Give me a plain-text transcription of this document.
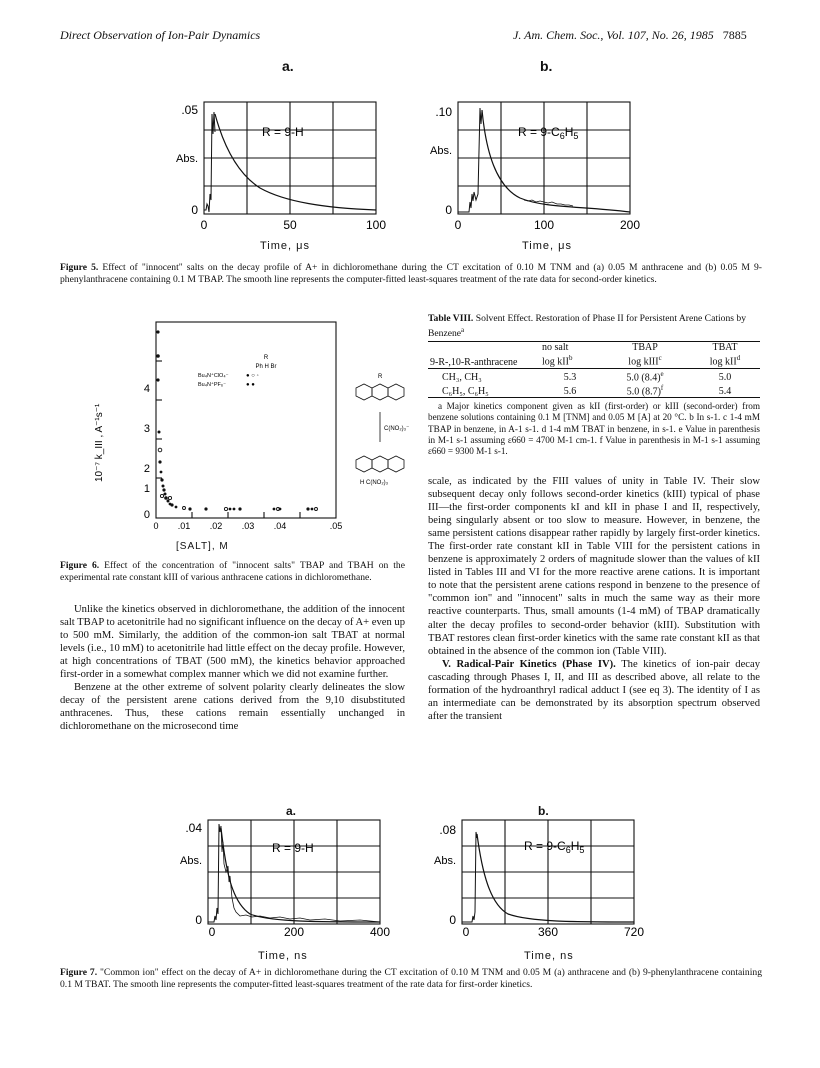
Direct Observation of Ion-Pair Dynamics	J. Am. Chem. Soc., Vol. 107, No. 26, 1985 7885
a.	b.
.05
0
Abs.
0	50	100
R = 9-H
Time, μs
.10
0
Abs.
0	100	200
$R = 9-C_6H_5$
Time, μs
Figure 5. Effect of "innocent" salts on the decay profile of A+ in dichloromethane during the CT excitation of 0.10 M TNM and (a) 0.05 M anthracene and (b) 0.05 M 9-phenylanthracene containing 0.1 M TBAP. The smooth line represents the computer-fitted least-squares treatment of the rate data for second-order kinetics.
4
3
2
1
0
0 .01 .02 .03 .04	.05
10⁻⁷ k_III , A⁻¹s⁻¹
R
Ph H Br
Bu₄N⁺ClO₄⁻	● ○ ◦
Bu₄N⁺PF₆⁻	● ●
R
C(NO₂)₃⁻
H C(NO₂)₃
[SALT], M
Figure 6. Effect of the concentration of "innocent salts" TBAP and TBAH on the experimental rate constant kIII of various anthracene cations in dichloromethane.

Unlike the kinetics observed in dichloromethane, the addition of the innocent salt TBAP to acetonitrile had no significant influence on the decay of A+ even up to 500 mM. Similarly, the addition of the common-ion salt TBAT at normal levels (i.e., 10 mM) to acetonitrile had little effect on the decay profile. However, at high concentrations of TBAT (500 mM), the kinetics behavior approached first-order in a somewhat complex manner which we did not examine further.

Benzene at the other extreme of solvent polarity clearly delineates the slow decay of the persistent arene cations derived from the 9,10 disubstituted anthracenes. Thus, these cations remain essentially unchanged in dichloromethane on the microsecond time

Table VIII. Solvent Effect. Restoration of Phase II for Persistent Arene Cations by Benzene$^a$
	no salt	TBAP	TBAT
9-R-,10-R-anthracene	log kII$^b$	log kIII$^c$	log kII$^d$
CH₃, CH₃	5.3	5.0 $(8.4)^e$	5.0
C₆H₅, C₆H₅	5.6	5.0 $(8.7)^f$	5.4
a Major kinetics component given as kII (first-order) or kIII (second-order) from benzene solutions containing 0.1 M [TNM] and 0.05 M [A] at 20 °C. b In s-1. c 1-4 mM TBAP in benzene, in A-1 s-1. d 1-4 mM TBAT in benzene, in s-1. e Value in parenthesis in M-1 s-1 assuming ε660 = 4700 M-1 cm-1. f Value in parenthesis in M-1 s-1 assuming ε660 = 9300 M-1 s-1.

scale, as indicated by the FIII values of unity in Table IV. Their slow subsequent decay only follows second-order kinetics (kIII) typical of phase III—the first-order components kI and kII in phase I and II, respectively, being singularly absent or too slow to measure. However, in benzene, the same persistent cations disappear rather rapidly by largely first-order kinetics. The first-order rate constant kII in Table VIII for the persistent cations in benzene is approximately 2 orders of magnitude slower than the values of kII listed in Tables III and VI for the more reactive arene cations. It is important to note that the persistent arene cations respond in benzene to the presence of "common ion" and "innocent" salts in much the same way as their more reactive counterparts. Thus, small amounts (1-4 mM) of TBAP dramatically alter the decay profiles to second-order behavior (kIII). Substitution with TBAT restores clean first-order kinetics with the same rate constant kII as that obtained in the absence of the common ion (Table VIII).

V. Radical-Pair Kinetics (Phase IV). The kinetics of ion-pair decay cascading through Phases I, II, and III as described above, all relate to the formation of the hydroanthryl radical adduct I (see eq 3). The identity of I as an intermediate can be demonstrated by its absorption spectrum observed after the transient

a.	b.
.04
0
Abs.
0	200	400
R = 9-H
Time, ns
.08
0
Abs.
0	360	720
$R = 9-C_6H_5$
Time, ns
Figure 7. "Common ion" effect on the decay of A+ in dichloromethane during the CT excitation of 0.10 M TNM and 0.05 M (a) anthracene and (b) 9-phenylanthracene containing 0.1 M TBAT. The smooth line represents the computer-fitted least-squares treatment of the rate data for first-order kinetics.
